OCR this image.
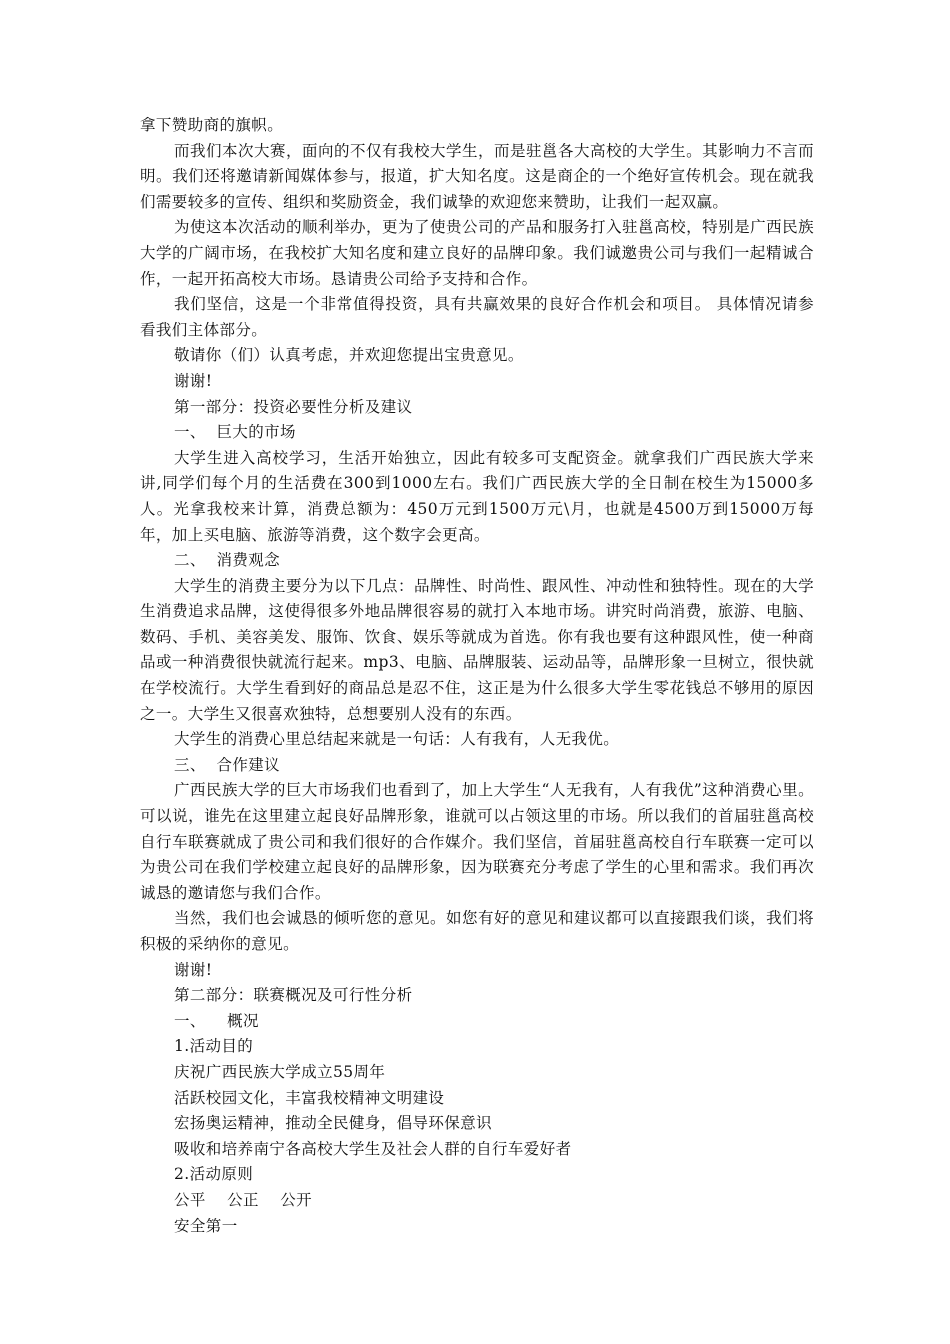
拿下赞助商的旗帜。

而我们本次大赛，面向的不仅有我校大学生，而是驻邕各大高校的大学生。其影响力不言而明。我们还将邀请新闻媒体参与，报道，扩大知名度。这是商企的一个绝好宣传机会。现在就我们需要较多的宣传、组织和奖励资金，我们诚挚的欢迎您来赞助，让我们一起双赢。

为使这本次活动的顺利举办，更为了使贵公司的产品和服务打入驻邕高校，特别是广西民族大学的广阔市场，在我校扩大知名度和建立良好的品牌印象。我们诚邀贵公司与我们一起精诚合作，一起开拓高校大市场。恳请贵公司给予支持和合作。

我们坚信，这是一个非常值得投资，具有共赢效果的良好合作机会和项目。 具体情况请参看我们主体部分。

敬请你（们）认真考虑，并欢迎您提出宝贵意见。

谢谢!

第一部分：投资必要性分析及建议

一、  巨大的市场

大学生进入高校学习，生活开始独立，因此有较多可支配资金。就拿我们广西民族大学来讲,同学们每个月的生活费在300到1000左右。我们广西民族大学的全日制在校生为15000多人。光拿我校来计算，消费总额为：450万元到1500万元\月，也就是4500万到15000万每年，加上买电脑、旅游等消费，这个数字会更高。

二、  消费观念

大学生的消费主要分为以下几点：品牌性、时尚性、跟风性、冲动性和独特性。现在的大学生消费追求品牌，这使得很多外地品牌很容易的就打入本地市场。讲究时尚消费，旅游、电脑、数码、手机、美容美发、服饰、饮食、娱乐等就成为首选。你有我也要有这种跟风性，使一种商品或一种消费很快就流行起来。mp3、电脑、品牌服装、运动品等，品牌形象一旦树立，很快就在学校流行。大学生看到好的商品总是忍不住，这正是为什么很多大学生零花钱总不够用的原因之一。大学生又很喜欢独特，总想要别人没有的东西。

大学生的消费心里总结起来就是一句话：人有我有，人无我优。

三、  合作建议

广西民族大学的巨大市场我们也看到了，加上大学生“人无我有，人有我优”这种消费心里。可以说，谁先在这里建立起良好品牌形象，谁就可以占领这里的市场。所以我们的首届驻邕高校自行车联赛就成了贵公司和我们很好的合作媒介。我们坚信，首届驻邕高校自行车联赛一定可以为贵公司在我们学校建立起良好的品牌形象，因为联赛充分考虑了学生的心里和需求。我们再次诚恳的邀请您与我们合作。

当然，我们也会诚恳的倾听您的意见。如您有好的意见和建议都可以直接跟我们谈，我们将积极的采纳你的意见。

谢谢!

第二部分：联赛概况及可行性分析

一、    概况

1.活动目的

庆祝广西民族大学成立55周年

活跃校园文化，丰富我校精神文明建设

宏扬奥运精神，推动全民健身，倡导环保意识

吸收和培养南宁各高校大学生及社会人群的自行车爱好者

2.活动原则

公平    公正    公开

安全第一
